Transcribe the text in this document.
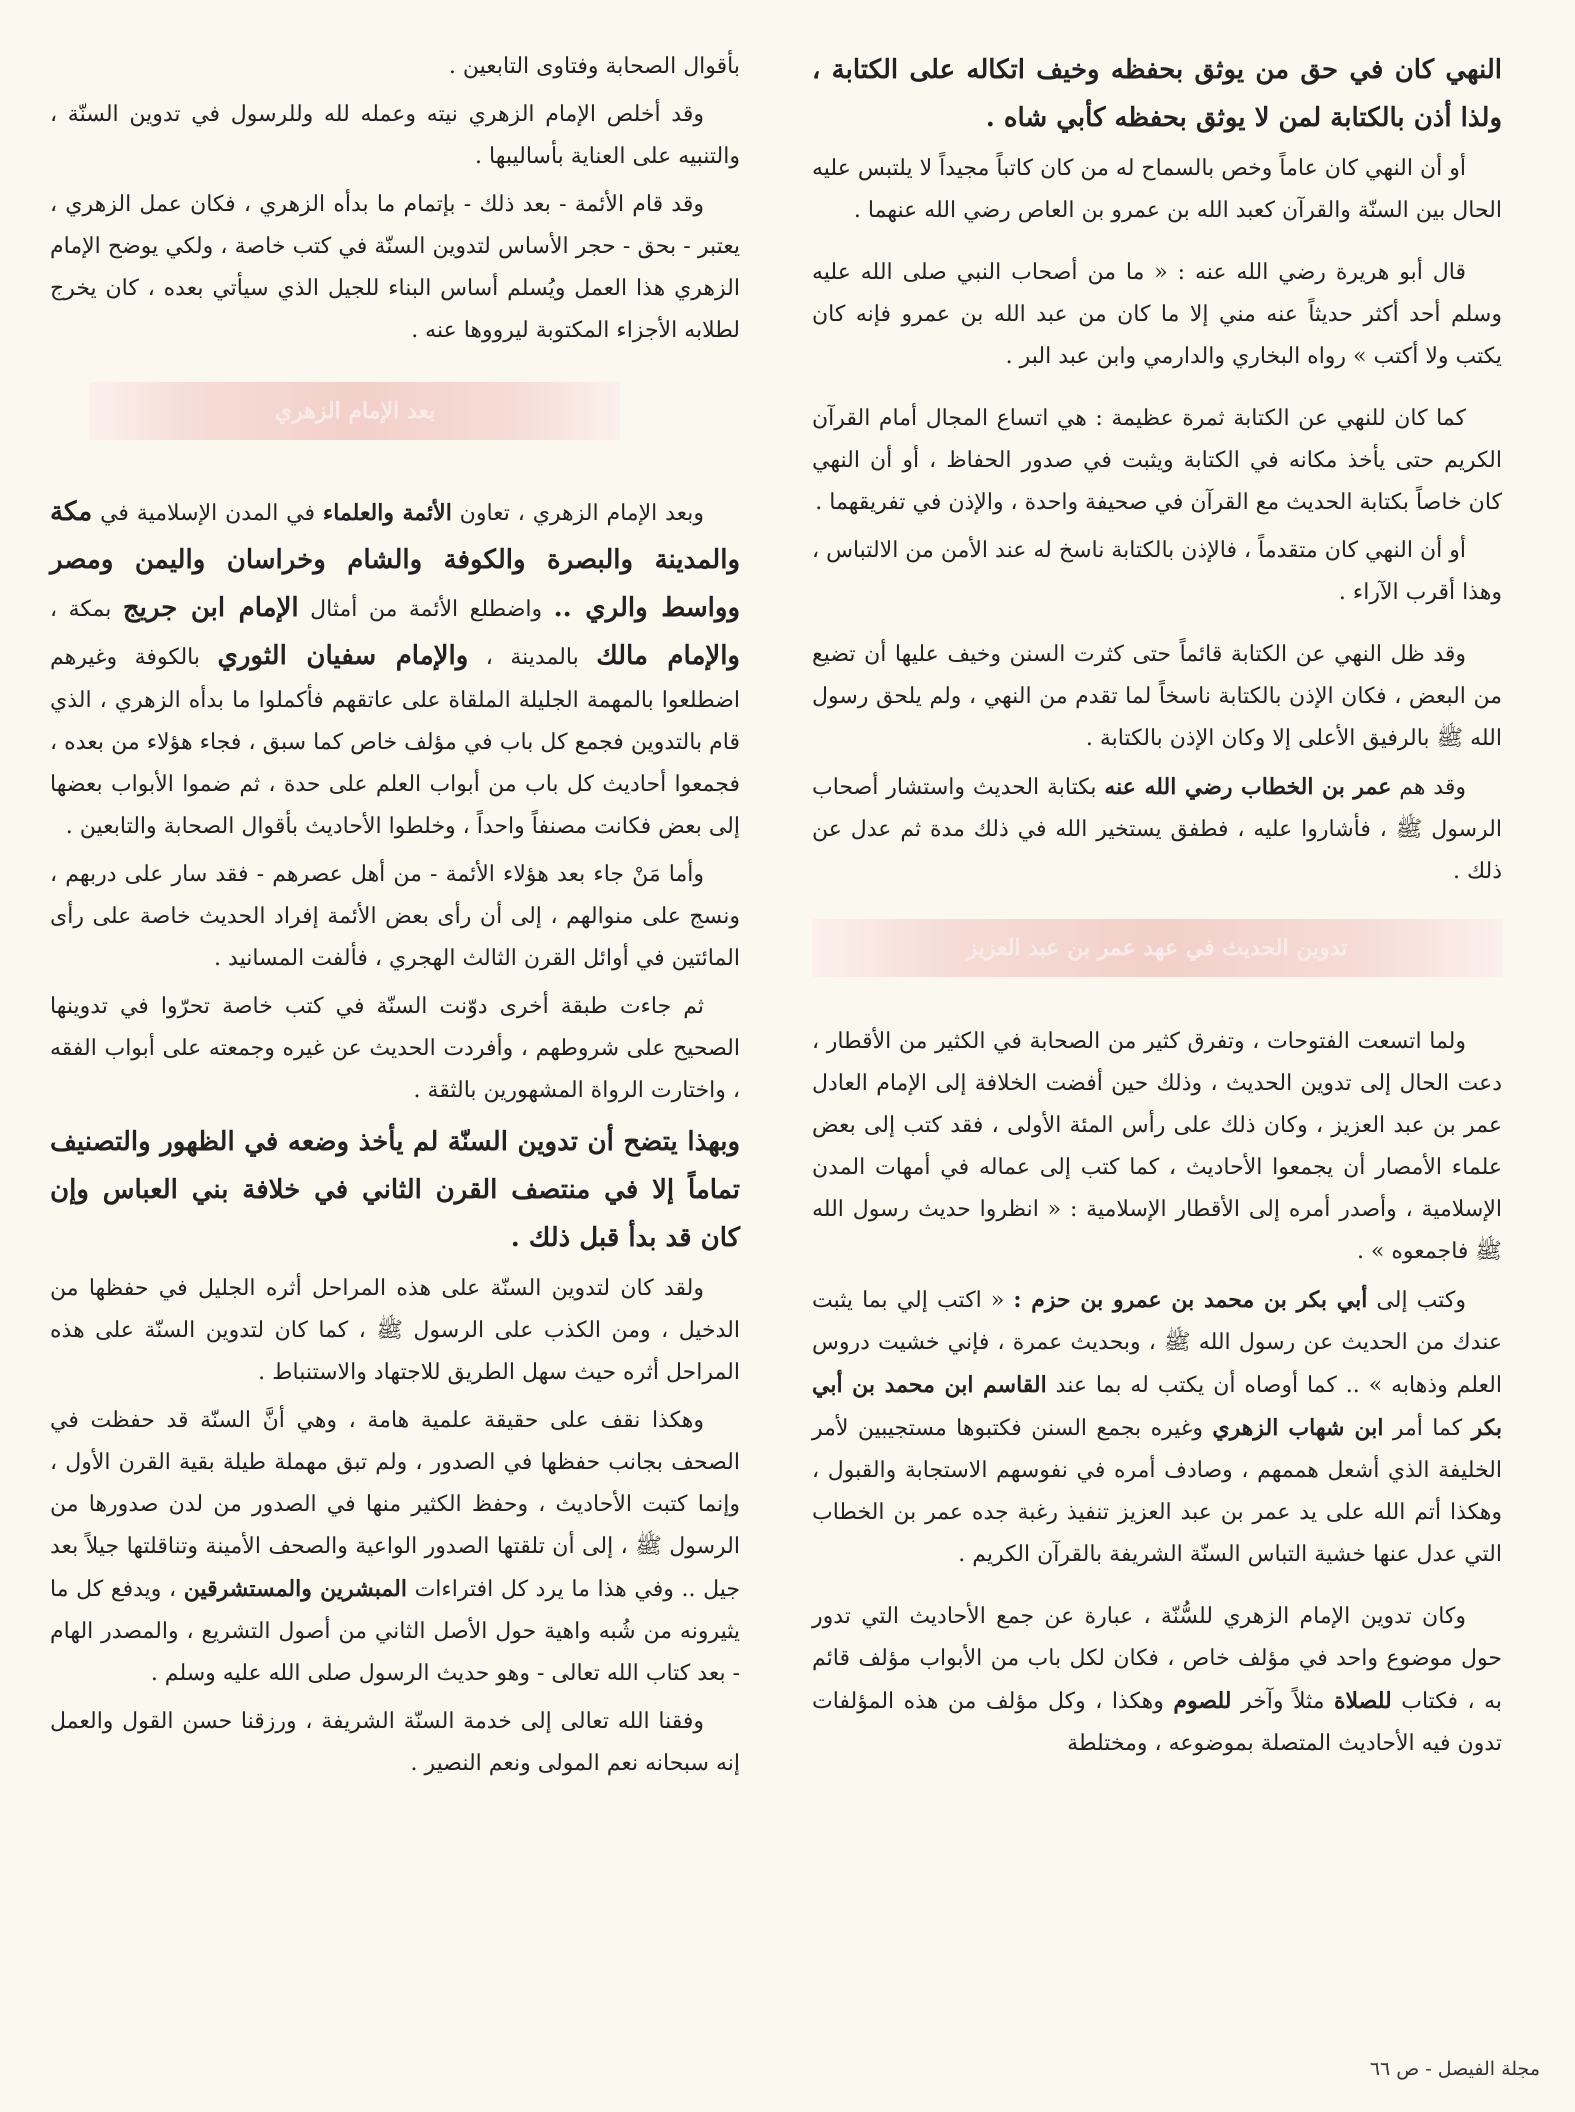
النهي كان في حق من يوثق بحفظه وخيف اتكاله على الكتابة ، ولذا أذن بالكتابة لمن لا يوثق بحفظه كأبي شاه .

أو أن النهي كان عاماً وخص بالسماح له من كان كاتباً مجيداً لا يلتبس عليه الحال بين السنّة والقرآن كعبد الله بن عمرو بن العاص رضي الله عنهما .

قال أبو هريرة رضي الله عنه : « ما من أصحاب النبي صلى الله عليه وسلم أحد أكثر حديثاً عنه مني إلا ما كان من عبد الله بن عمرو فإنه كان يكتب ولا أكتب » رواه البخاري والدارمي وابن عبد البر .

كما كان للنهي عن الكتابة ثمرة عظيمة : هي اتساع المجال أمام القرآن الكريم حتى يأخذ مكانه في الكتابة ويثبت في صدور الحفاظ ، أو أن النهي كان خاصاً بكتابة الحديث مع القرآن في صحيفة واحدة ، والإذن في تفريقهما .

أو أن النهي كان متقدماً ، فالإذن بالكتابة ناسخ له عند الأمن من الالتباس ، وهذا أقرب الآراء .

وقد ظل النهي عن الكتابة قائماً حتى كثرت السنن وخيف عليها أن تضيع من البعض ، فكان الإذن بالكتابة ناسخاً لما تقدم من النهي ، ولم يلحق رسول الله ﷺ بالرفيق الأعلى إلا وكان الإذن بالكتابة .

وقد هم عمر بن الخطاب رضي الله عنه بكتابة الحديث واستشار أصحاب الرسول ﷺ ، فأشاروا عليه ، فطفق يستخير الله في ذلك مدة ثم عدل عن ذلك .

تدوين الحديث في عهد عمر بن عبد العزيز

ولما اتسعت الفتوحات ، وتفرق كثير من الصحابة في الكثير من الأقطار ، دعت الحال إلى تدوين الحديث ، وذلك حين أفضت الخلافة إلى الإمام العادل عمر بن عبد العزيز ، وكان ذلك على رأس المئة الأولى ، فقد كتب إلى بعض علماء الأمصار أن يجمعوا الأحاديث ، كما كتب إلى عماله في أمهات المدن الإسلامية ، وأصدر أمره إلى الأقطار الإسلامية : « انظروا حديث رسول الله ﷺ فاجمعوه » .

وكتب إلى أبي بكر بن محمد بن عمرو بن حزم : « اكتب إلي بما يثبت عندك من الحديث عن رسول الله ﷺ ، وبحديث عمرة ، فإني خشيت دروس العلم وذهابه » .. كما أوصاه أن يكتب له بما عند القاسم ابن محمد بن أبي بكر كما أمر ابن شهاب الزهري وغيره بجمع السنن فكتبوها مستجيبين لأمر الخليفة الذي أشعل هممهم ، وصادف أمره في نفوسهم الاستجابة والقبول ، وهكذا أتم الله على يد عمر بن عبد العزيز تنفيذ رغبة جده عمر بن الخطاب التي عدل عنها خشية التباس السنّة الشريفة بالقرآن الكريم .

وكان تدوين الإمام الزهري للسُّنّة ، عبارة عن جمع الأحاديث التي تدور حول موضوع واحد في مؤلف خاص ، فكان لكل باب من الأبواب مؤلف قائم به ، فكتاب للصلاة مثلاً وآخر للصوم وهكذا ، وكل مؤلف من هذه المؤلفات تدون فيه الأحاديث المتصلة بموضوعه ، ومختلطة

بأقوال الصحابة وفتاوى التابعين .

وقد أخلص الإمام الزهري نيته وعمله لله وللرسول في تدوين السنّة ، والتنبيه على العناية بأساليبها .

وقد قام الأئمة - بعد ذلك - بإتمام ما بدأه الزهري ، فكان عمل الزهري ، يعتبر - بحق - حجر الأساس لتدوين السنّة في كتب خاصة ، ولكي يوضح الإمام الزهري هذا العمل ويُسلم أساس البناء للجيل الذي سيأتي بعده ، كان يخرج لطلابه الأجزاء المكتوبة ليرووها عنه .

بعد الإمام الزهري

وبعد الإمام الزهري ، تعاون الأئمة والعلماء في المدن الإسلامية في مكة والمدينة والبصرة والكوفة والشام وخراسان واليمن ومصر وواسط والري .. واضطلع الأئمة من أمثال الإمام ابن جريج بمكة ، والإمام مالك بالمدينة ، والإمام سفيان الثوري بالكوفة وغيرهم اضطلعوا بالمهمة الجليلة الملقاة على عاتقهم فأكملوا ما بدأه الزهري ، الذي قام بالتدوين فجمع كل باب في مؤلف خاص كما سبق ، فجاء هؤلاء من بعده ، فجمعوا أحاديث كل باب من أبواب العلم على حدة ، ثم ضموا الأبواب بعضها إلى بعض فكانت مصنفاً واحداً ، وخلطوا الأحاديث بأقوال الصحابة والتابعين .

وأما مَنْ جاء بعد هؤلاء الأئمة - من أهل عصرهم - فقد سار على دربهم ، ونسج على منوالهم ، إلى أن رأى بعض الأئمة إفراد الحديث خاصة على رأى المائتين في أوائل القرن الثالث الهجري ، فألفت المسانيد .

ثم جاءت طبقة أخرى دوّنت السنّة في كتب خاصة تحرّوا في تدوينها الصحيح على شروطهم ، وأفردت الحديث عن غيره وجمعته على أبواب الفقه ، واختارت الرواة المشهورين بالثقة .

وبهذا يتضح أن تدوين السنّة لم يأخذ وضعه في الظهور والتصنيف تماماً إلا في منتصف القرن الثاني في خلافة بني العباس وإن كان قد بدأ قبل ذلك .

ولقد كان لتدوين السنّة على هذه المراحل أثره الجليل في حفظها من الدخيل ، ومن الكذب على الرسول ﷺ ، كما كان لتدوين السنّة على هذه المراحل أثره حيث سهل الطريق للاجتهاد والاستنباط .

وهكذا نقف على حقيقة علمية هامة ، وهي أنَّ السنّة قد حفظت في الصحف بجانب حفظها في الصدور ، ولم تبق مهملة طيلة بقية القرن الأول ، وإنما كتبت الأحاديث ، وحفظ الكثير منها في الصدور من لدن صدورها من الرسول ﷺ ، إلى أن تلقتها الصدور الواعية والصحف الأمينة وتناقلتها جيلاً بعد جيل .. وفي هذا ما يرد كل افتراءات المبشرين والمستشرقين ، ويدفع كل ما يثيرونه من شُبه واهية حول الأصل الثاني من أصول التشريع ، والمصدر الهام - بعد كتاب الله تعالى - وهو حديث الرسول صلى الله عليه وسلم .

وفقنا الله تعالى إلى خدمة السنّة الشريفة ، ورزقنا حسن القول والعمل إنه سبحانه نعم المولى ونعم النصير .

مجلة الفيصل - ص ٦٦
